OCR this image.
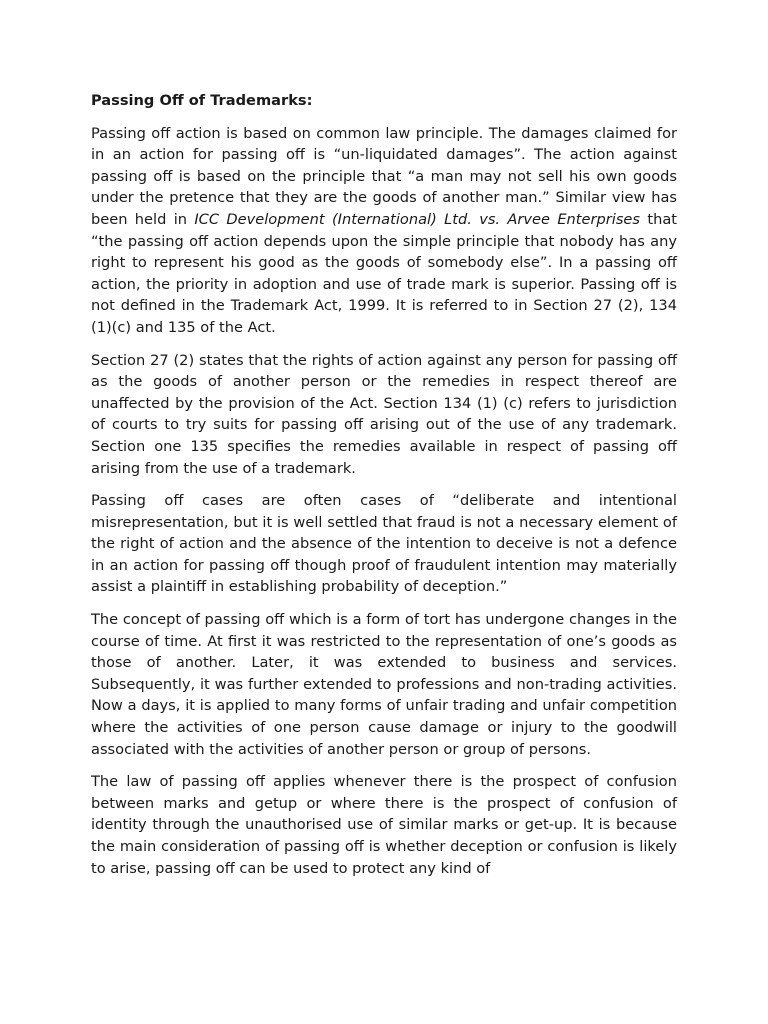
Passing Off of Trademarks:

Passing off action is based on common law principle. The damages claimed for in an action for passing off is “un-liquidated damages”. The action against passing off is based on the principle that “a man may not sell his own goods under the pretence that they are the goods of another man.” Similar view has been held in ICC Development (International) Ltd. vs. Arvee Enterprises that “the passing off action depends upon the simple principle that nobody has any right to represent his good as the goods of somebody else”. In a passing off action, the priority in adoption and use of trade mark is superior. Passing off is not defined in the Trademark Act, 1999. It is referred to in Section 27 (2), 134 (1)(c) and 135 of the Act.

Section 27 (2) states that the rights of action against any person for passing off as the goods of another person or the remedies in respect thereof are unaffected by the provision of the Act. Section 134 (1) (c) refers to jurisdiction of courts to try suits for passing off arising out of the use of any trademark. Section one 135 specifies the remedies available in respect of passing off arising from the use of a trademark.

Passing off cases are often cases of “deliberate and intentional misrepresentation, but it is well settled that fraud is not a necessary element of the right of action and the absence of the intention to deceive is not a defence in an action for passing off though proof of fraudulent intention may materially assist a plaintiff in establishing probability of deception.”

The concept of passing off which is a form of tort has undergone changes in the course of time. At first it was restricted to the representation of one’s goods as those of another. Later, it was extended to business and services. Subsequently, it was further extended to professions and non-trading activities. Now a days, it is applied to many forms of unfair trading and unfair competition where the activities of one person cause damage or injury to the goodwill associated with the activities of another person or group of persons.

The law of passing off applies whenever there is the prospect of confusion between marks and getup or where there is the prospect of confusion of identity through the unauthorised use of similar marks or get-up. It is because the main consideration of passing off is whether deception or confusion is likely to arise, passing off can be used to protect any kind of
